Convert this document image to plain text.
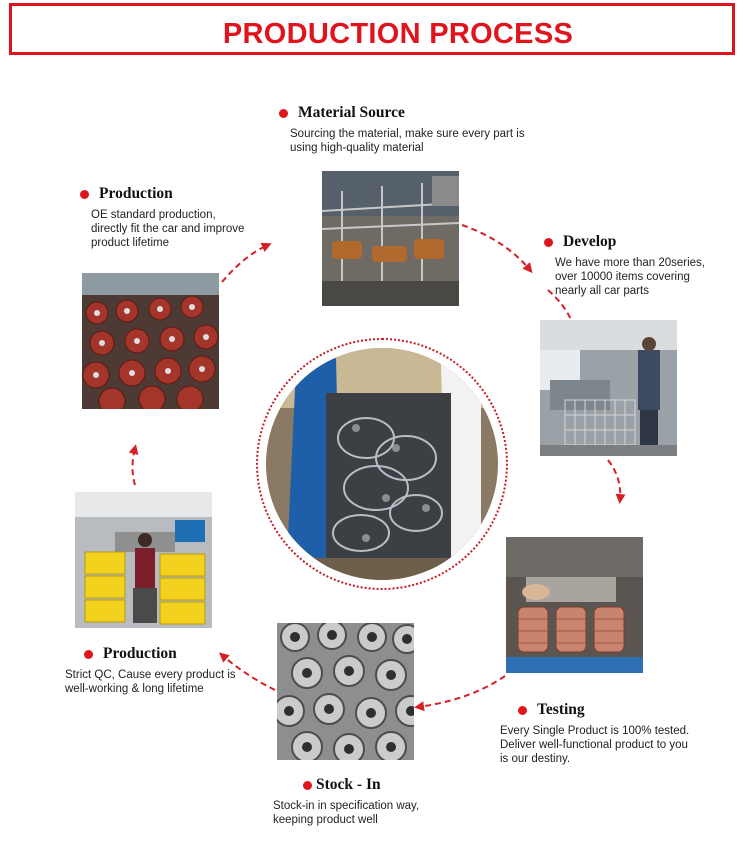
PRODUCTION PROCESS
Material Source
Sourcing the material, make sure every part is
using high-quality material
Develop
We have more than 20series,
over 10000 items covering
nearly all car parts
Testing
Every Single Product is 100% tested.
Deliver well-functional product to you
is our destiny.
Stock - In
Stock-in in specification way,
keeping product well
Production
Strict QC, Cause every product is
well-working & long lifetime
Production
OE standard production,
directly fit the car and improve
product lifetime
